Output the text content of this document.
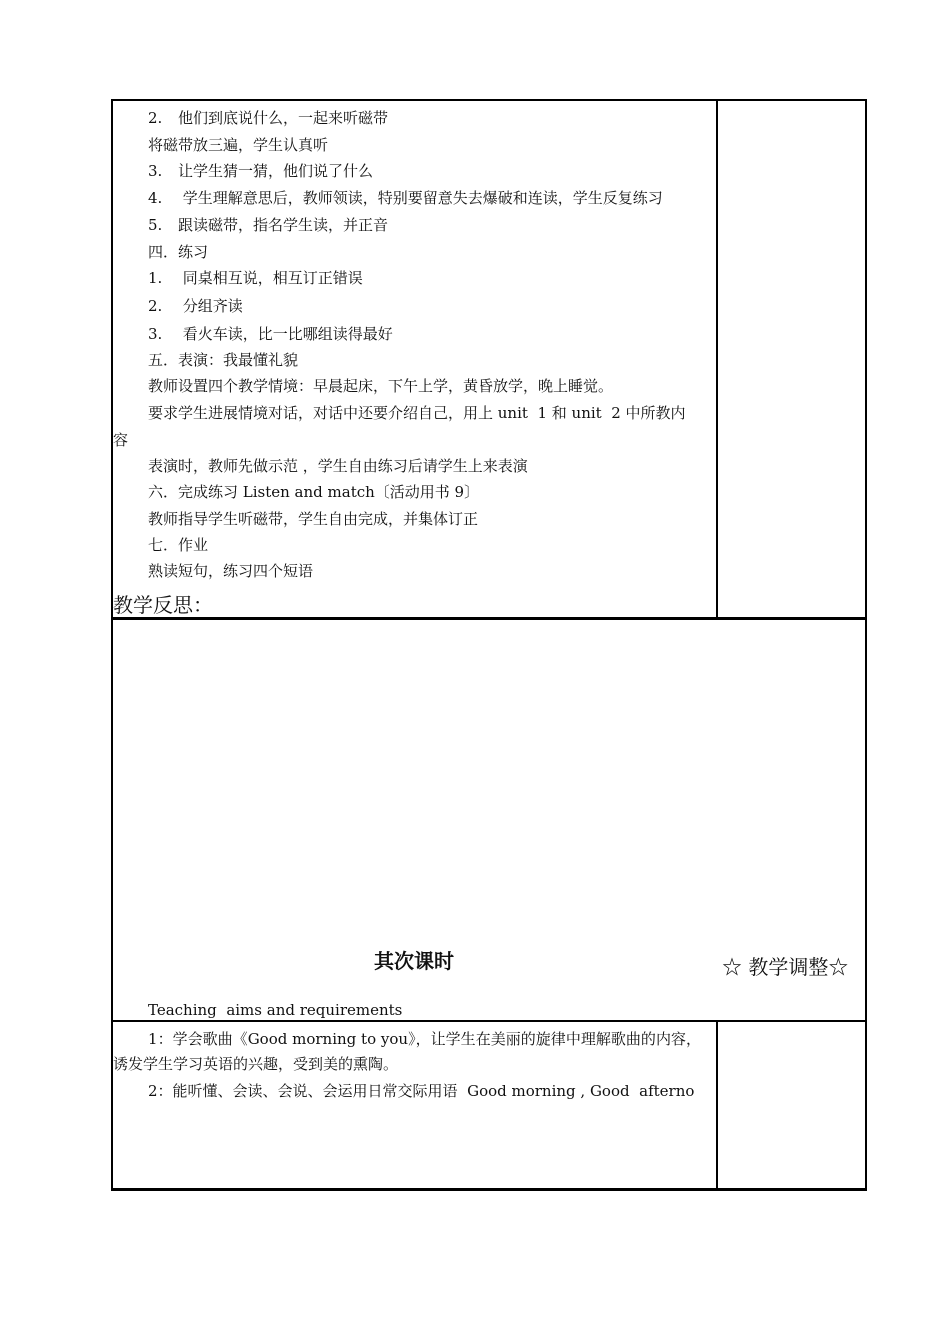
2. 他们到底说什么，一起来听磁带
将磁带放三遍，学生认真听
3. 让学生猜一猜，他们说了什么
4. 学生理解意思后，教师领读，特别要留意失去爆破和连读，学生反复练习
5. 跟读磁带，指名学生读，并正音
四．练习
1. 同桌相互说，相互订正错误
2. 分组齐读
3. 看火车读，比一比哪组读得最好
五．表演：我最懂礼貌
教师设置四个教学情境：早晨起床，下午上学，黄昏放学，晚上睡觉。
要求学生进展情境对话，对话中还要介绍自己，用上 unit  1 和 unit  2 中所教内
容
表演时，教师先做示范 ，学生自由练习后请学生上来表演
六．完成练习 Listen and match〔活动用书 9〕
教师指导学生听磁带，学生自由完成，并集体订正
七．作业
熟读短句，练习四个短语
教学反思：
其次课时	☆ 教学调整☆
Teaching  aims and requirements
1：学会歌曲《Good morning to you》，让学生在美丽的旋律中理解歌曲的内容，
诱发学生学习英语的兴趣，受到美的熏陶。
2：能听懂、会读、会说、会运用日常交际用语  Good morning , Good  afterno
